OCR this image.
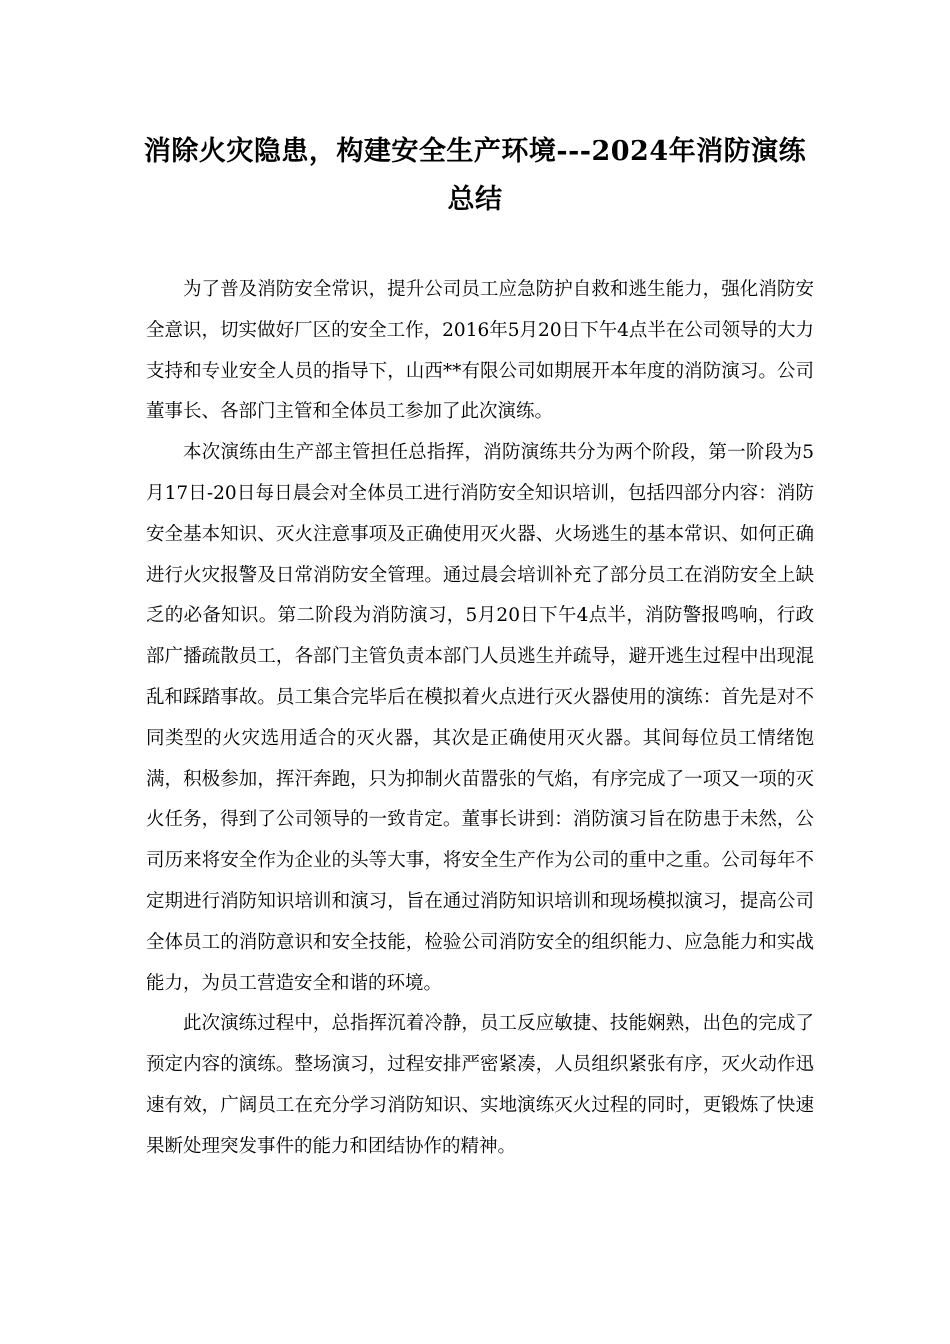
消除火灾隐患，构建安全生产环境---2024年消防演练总结

为了普及消防安全常识，提升公司员工应急防护自救和逃生能力，强化消防安全意识，切实做好厂区的安全工作，2016年5月20日下午4点半在公司领导的大力支持和专业安全人员的指导下，山西**有限公司如期展开本年度的消防演习。公司董事长、各部门主管和全体员工参加了此次演练。

本次演练由生产部主管担任总指挥，消防演练共分为两个阶段，第一阶段为5月17日-20日每日晨会对全体员工进行消防安全知识培训，包括四部分内容：消防安全基本知识、灭火注意事项及正确使用灭火器、火场逃生的基本常识、如何正确进行火灾报警及日常消防安全管理。通过晨会培训补充了部分员工在消防安全上缺乏的必备知识。第二阶段为消防演习，5月20日下午4点半，消防警报鸣响，行政部广播疏散员工，各部门主管负责本部门人员逃生并疏导，避开逃生过程中出现混乱和踩踏事故。员工集合完毕后在模拟着火点进行灭火器使用的演练：首先是对不同类型的火灾选用适合的灭火器，其次是正确使用灭火器。其间每位员工情绪饱满，积极参加，挥汗奔跑，只为抑制火苗嚣张的气焰，有序完成了一项又一项的灭火任务，得到了公司领导的一致肯定。董事长讲到：消防演习旨在防患于未然，公司历来将安全作为企业的头等大事，将安全生产作为公司的重中之重。公司每年不定期进行消防知识培训和演习，旨在通过消防知识培训和现场模拟演习，提高公司全体员工的消防意识和安全技能，检验公司消防安全的组织能力、应急能力和实战能力，为员工营造安全和谐的环境。

此次演练过程中，总指挥沉着冷静，员工反应敏捷、技能娴熟，出色的完成了预定内容的演练。整场演习，过程安排严密紧凑，人员组织紧张有序，灭火动作迅速有效，广阔员工在充分学习消防知识、实地演练灭火过程的同时，更锻炼了快速果断处理突发事件的能力和团结协作的精神。
